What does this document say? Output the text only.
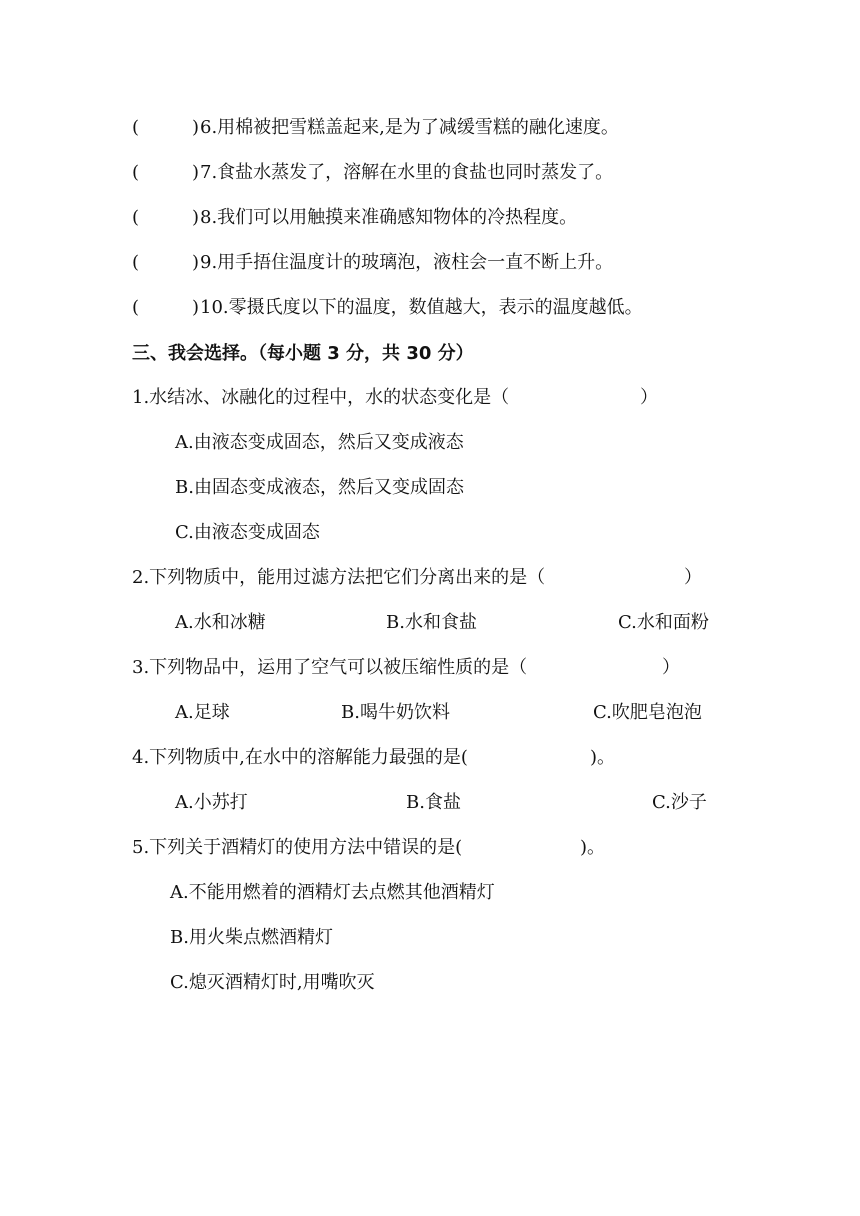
(	) 6.用棉被把雪糕盖起来,是为了减缓雪糕的融化速度。
(	) 7.食盐水蒸发了，溶解在水里的食盐也同时蒸发了。
(	) 8.我们可以用触摸来准确感知物体的冷热程度。
(	) 9.用手捂住温度计的玻璃泡，液柱会一直不断上升。
(	) 10.零摄氏度以下的温度，数值越大，表示的温度越低。
三、我会选择。（每小题 3 分，共 30 分）
1.水结冰、冰融化的过程中，水的状态变化是（	）
A.由液态变成固态，然后又变成液态
B.由固态变成液态，然后又变成固态
C.由液态变成固态
2.下列物质中，能用过滤方法把它们分离出来的是（	）
A.水和冰糖	B.水和食盐	C.水和面粉
3.下列物品中，运用了空气可以被压缩性质的是（	）
A.足球	B.喝牛奶饮料	C.吹肥皂泡泡
4.下列物质中,在水中的溶解能力最强的是(	)。
A.小苏打	B.食盐	C.沙子
5.下列关于酒精灯的使用方法中错误的是(	)。
A.不能用燃着的酒精灯去点燃其他酒精灯
B.用火柴点燃酒精灯
C.熄灭酒精灯时,用嘴吹灭
